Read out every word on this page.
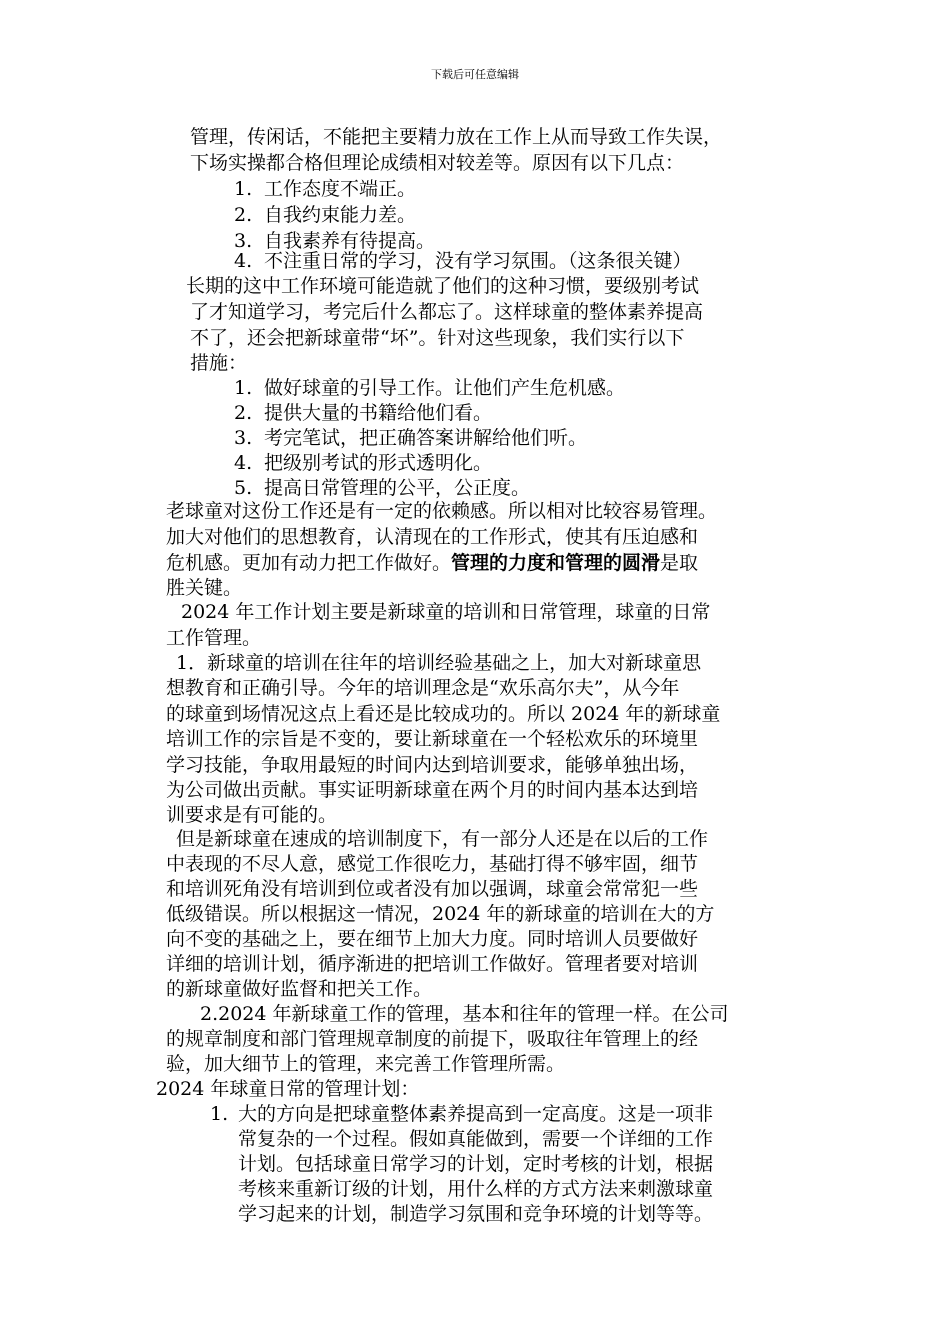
下载后可任意编辑
管理，传闲话，不能把主要精力放在工作上从而导致工作失误，
下场实操都合格但理论成绩相对较差等。原因有以下几点：
1. 工作态度不端正。
2. 自我约束能力差。
3. 自我素养有待提高。
4. 不注重日常的学习，没有学习氛围。（这条很关键）
长期的这中工作环境可能造就了他们的这种习惯，要级别考试
了才知道学习，考完后什么都忘了。这样球童的整体素养提高
不了，还会把新球童带“坏”。针对这些现象，我们实行以下
措施：
1. 做好球童的引导工作。让他们产生危机感。
2. 提供大量的书籍给他们看。
3. 考完笔试，把正确答案讲解给他们听。
4. 把级别考试的形式透明化。
5. 提高日常管理的公平，公正度。
老球童对这份工作还是有一定的依赖感。所以相对比较容易管理。
加大对他们的思想教育，认清现在的工作形式，使其有压迫感和
危机感。更加有动力把工作做好。管理的力度和管理的圆滑是取
胜关键。
2024 年工作计划主要是新球童的培训和日常管理，球童的日常
工作管理。
1．新球童的培训在往年的培训经验基础之上，加大对新球童思
想教育和正确引导。今年的培训理念是“欢乐高尔夫”，从今年
的球童到场情况这点上看还是比较成功的。所以 2024 年的新球童
培训工作的宗旨是不变的，要让新球童在一个轻松欢乐的环境里
学习技能，争取用最短的时间内达到培训要求，能够单独出场，
为公司做出贡献。事实证明新球童在两个月的时间内基本达到培
训要求是有可能的。
但是新球童在速成的培训制度下，有一部分人还是在以后的工作
中表现的不尽人意，感觉工作很吃力，基础打得不够牢固，细节
和培训死角没有培训到位或者没有加以强调，球童会常常犯一些
低级错误。所以根据这一情况，2024 年的新球童的培训在大的方
向不变的基础之上，要在细节上加大力度。同时培训人员要做好
详细的培训计划，循序渐进的把培训工作做好。管理者要对培训
的新球童做好监督和把关工作。
2.2024 年新球童工作的管理，基本和往年的管理一样。在公司
的规章制度和部门管理规章制度的前提下，吸取往年管理上的经
验，加大细节上的管理，来完善工作管理所需。
2024 年球童日常的管理计划：
1. 大的方向是把球童整体素养提高到一定高度。这是一项非
常复杂的一个过程。假如真能做到，需要一个详细的工作
计划。包括球童日常学习的计划，定时考核的计划，根据
考核来重新订级的计划，用什么样的方式方法来刺激球童
学习起来的计划，制造学习氛围和竞争环境的计划等等。
